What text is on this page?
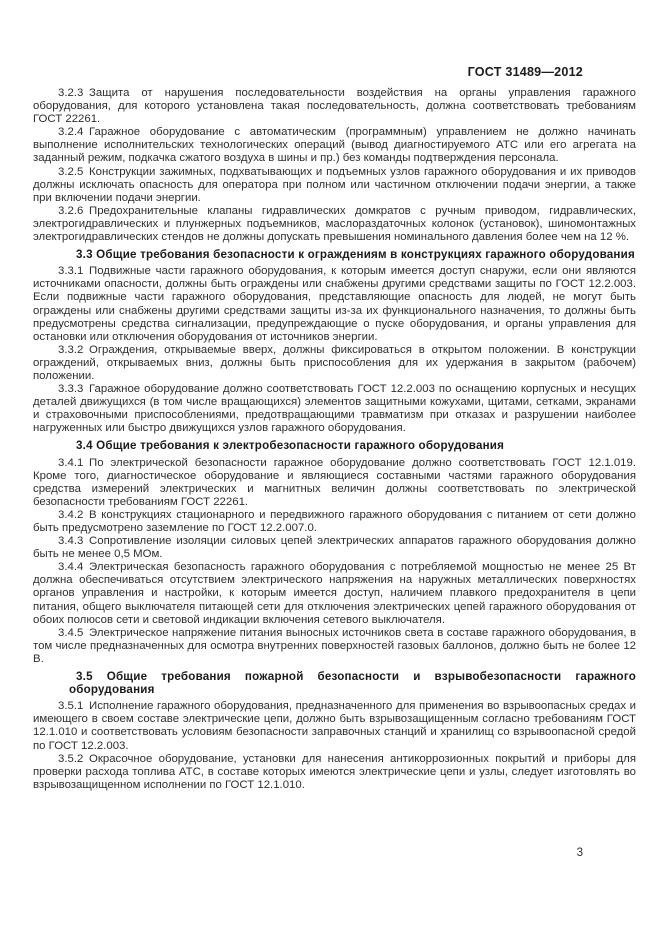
ГОСТ 31489—2012

3.2.3 Защита от нарушения последовательности воздействия на органы управления гаражного оборудования, для которого установлена такая последовательность, должна соответствовать требованиям ГОСТ 22261.

3.2.4 Гаражное оборудование с автоматическим (программным) управлением не должно начинать выполнение исполнительских технологических операций (вывод диагностируемого АТС или его агрегата на заданный режим, подкачка сжатого воздуха в шины и пр.) без команды подтверждения персонала.

3.2.5 Конструкции зажимных, подхватывающих и подъемных узлов гаражного оборудования и их приводов должны исключать опасность для оператора при полном или частичном отключении подачи энергии, а также при включении подачи энергии.

3.2.6 Предохранительные клапаны гидравлических домкратов с ручным приводом, гидравлических, электрогидравлических и плунжерных подъемников, маслораздаточных колонок (установок), шиномонтажных электрогидравлических стендов не должны допускать превышения номинального давления более чем на 12 %.

3.3 Общие требования безопасности к ограждениям в конструкциях гаражного оборудования

3.3.1 Подвижные части гаражного оборудования, к которым имеется доступ снаружи, если они являются источниками опасности, должны быть ограждены или снабжены другими средствами защиты по ГОСТ 12.2.003. Если подвижные части гаражного оборудования, представляющие опасность для людей, не могут быть ограждены или снабжены другими средствами защиты из-за их функционального назначения, то должны быть предусмотрены средства сигнализации, предупреждающие о пуске оборудования, и органы управления для остановки или отключения оборудования от источников энергии.

3.3.2 Ограждения, открываемые вверх, должны фиксироваться в открытом положении. В конструкции ограждений, открываемых вниз, должны быть приспособления для их удержания в закрытом (рабочем) положении.

3.3.3 Гаражное оборудование должно соответствовать ГОСТ 12.2.003 по оснащению корпусных и несущих деталей движущихся (в том числе вращающихся) элементов защитными кожухами, щитами, сетками, экранами и страховочными приспособлениями, предотвращающими травматизм при отказах и разрушении наиболее нагруженных или быстро движущихся узлов гаражного оборудования.

3.4 Общие требования к электробезопасности гаражного оборудования

3.4.1 По электрической безопасности гаражное оборудование должно соответствовать ГОСТ 12.1.019. Кроме того, диагностическое оборудование и являющиеся составными частями гаражного оборудования средства измерений электрических и магнитных величин должны соответствовать по электрической безопасности требованиям ГОСТ 22261.

3.4.2 В конструкциях стационарного и передвижного гаражного оборудования с питанием от сети должно быть предусмотрено заземление по ГОСТ 12.2.007.0.

3.4.3 Сопротивление изоляции силовых цепей электрических аппаратов гаражного оборудования должно быть не менее 0,5 МОм.

3.4.4 Электрическая безопасность гаражного оборудования с потребляемой мощностью не менее 25 Вт должна обеспечиваться отсутствием электрического напряжения на наружных металлических поверхностях органов управления и настройки, к которым имеется доступ, наличием плавкого предохранителя в цепи питания, общего выключателя питающей сети для отключения электрических цепей гаражного оборудования от обоих полюсов сети и световой индикации включения сетевого выключателя.

3.4.5 Электрическое напряжение питания выносных источников света в составе гаражного оборудования, в том числе предназначенных для осмотра внутренних поверхностей газовых баллонов, должно быть не более 12 В.

3.5 Общие требования пожарной безопасности и взрывобезопасности гаражного оборудования

3.5.1 Исполнение гаражного оборудования, предназначенного для применения во взрывоопасных средах и имеющего в своем составе электрические цепи, должно быть взрывозащищенным согласно требованиям ГОСТ 12.1.010 и соответствовать условиям безопасности заправочных станций и хранилищ со взрывоопасной средой по ГОСТ 12.2.003.

3.5.2 Окрасочное оборудование, установки для нанесения антикоррозионных покрытий и приборы для проверки расхода топлива АТС, в составе которых имеются электрические цепи и узлы, следует изготовлять во взрывозащищенном исполнении по ГОСТ 12.1.010.

3
